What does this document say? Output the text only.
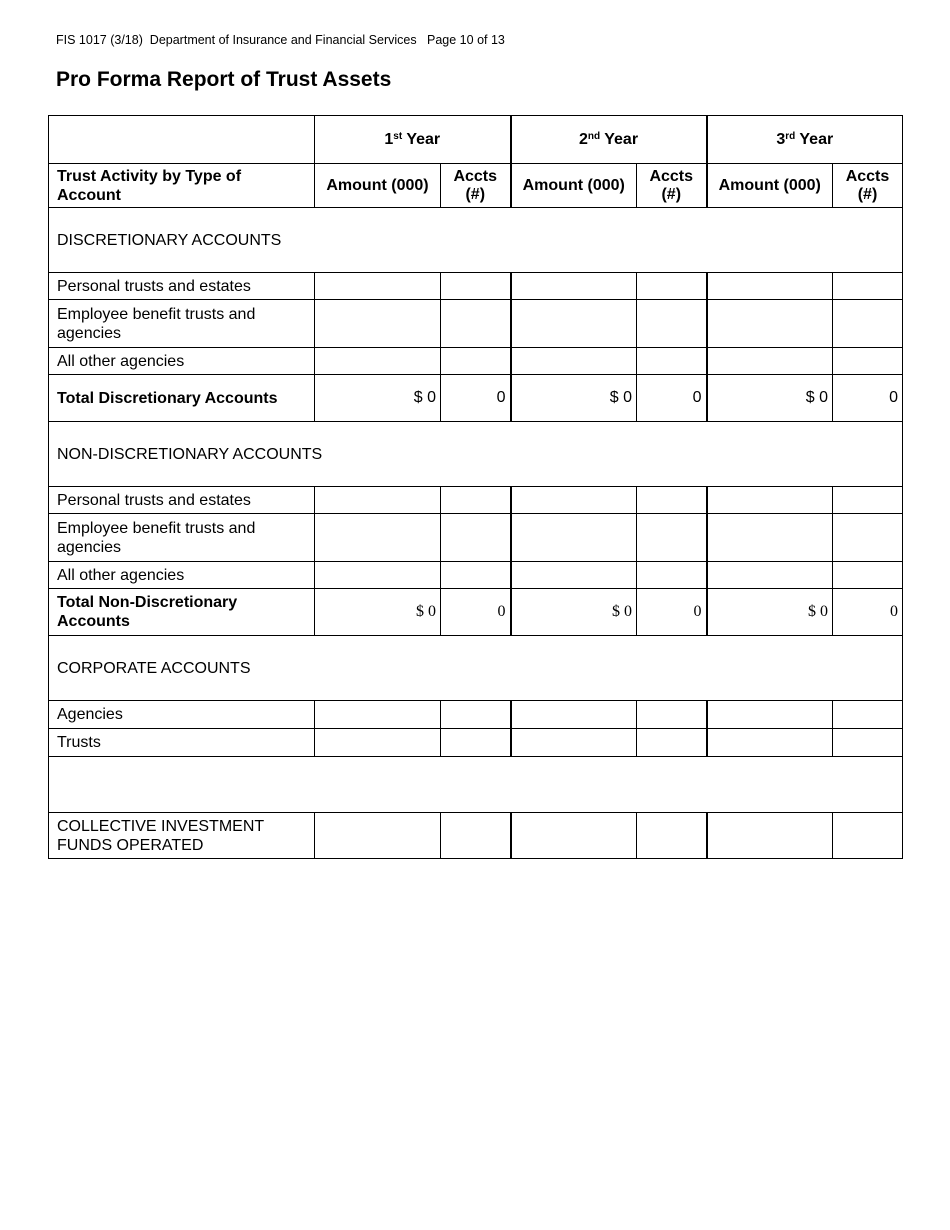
FIS 1017 (3/18)  Department of Insurance and Financial Services   Page 10 of 13
Pro Forma Report of Trust Assets
	1st Year		2nd Year		3rd Year	
Trust Activity by Type of Account	Amount (000)	Accts (#)	Amount (000)	Accts (#)	Amount (000)	Accts (#)
DISCRETIONARY ACCOUNTS						
Personal trusts and estates						
Employee benefit trusts and agencies						
All other agencies						
Total Discretionary Accounts	$ 0	0	$ 0	0	$ 0	0
NON-DISCRETIONARY ACCOUNTS						
Personal trusts and estates						
Employee benefit trusts and agencies						
All other agencies						
Total Non-Discretionary Accounts	$ 0	0	$ 0	0	$ 0	0
CORPORATE ACCOUNTS						
Agencies						
Trusts						

COLLECTIVE INVESTMENT FUNDS OPERATED						
